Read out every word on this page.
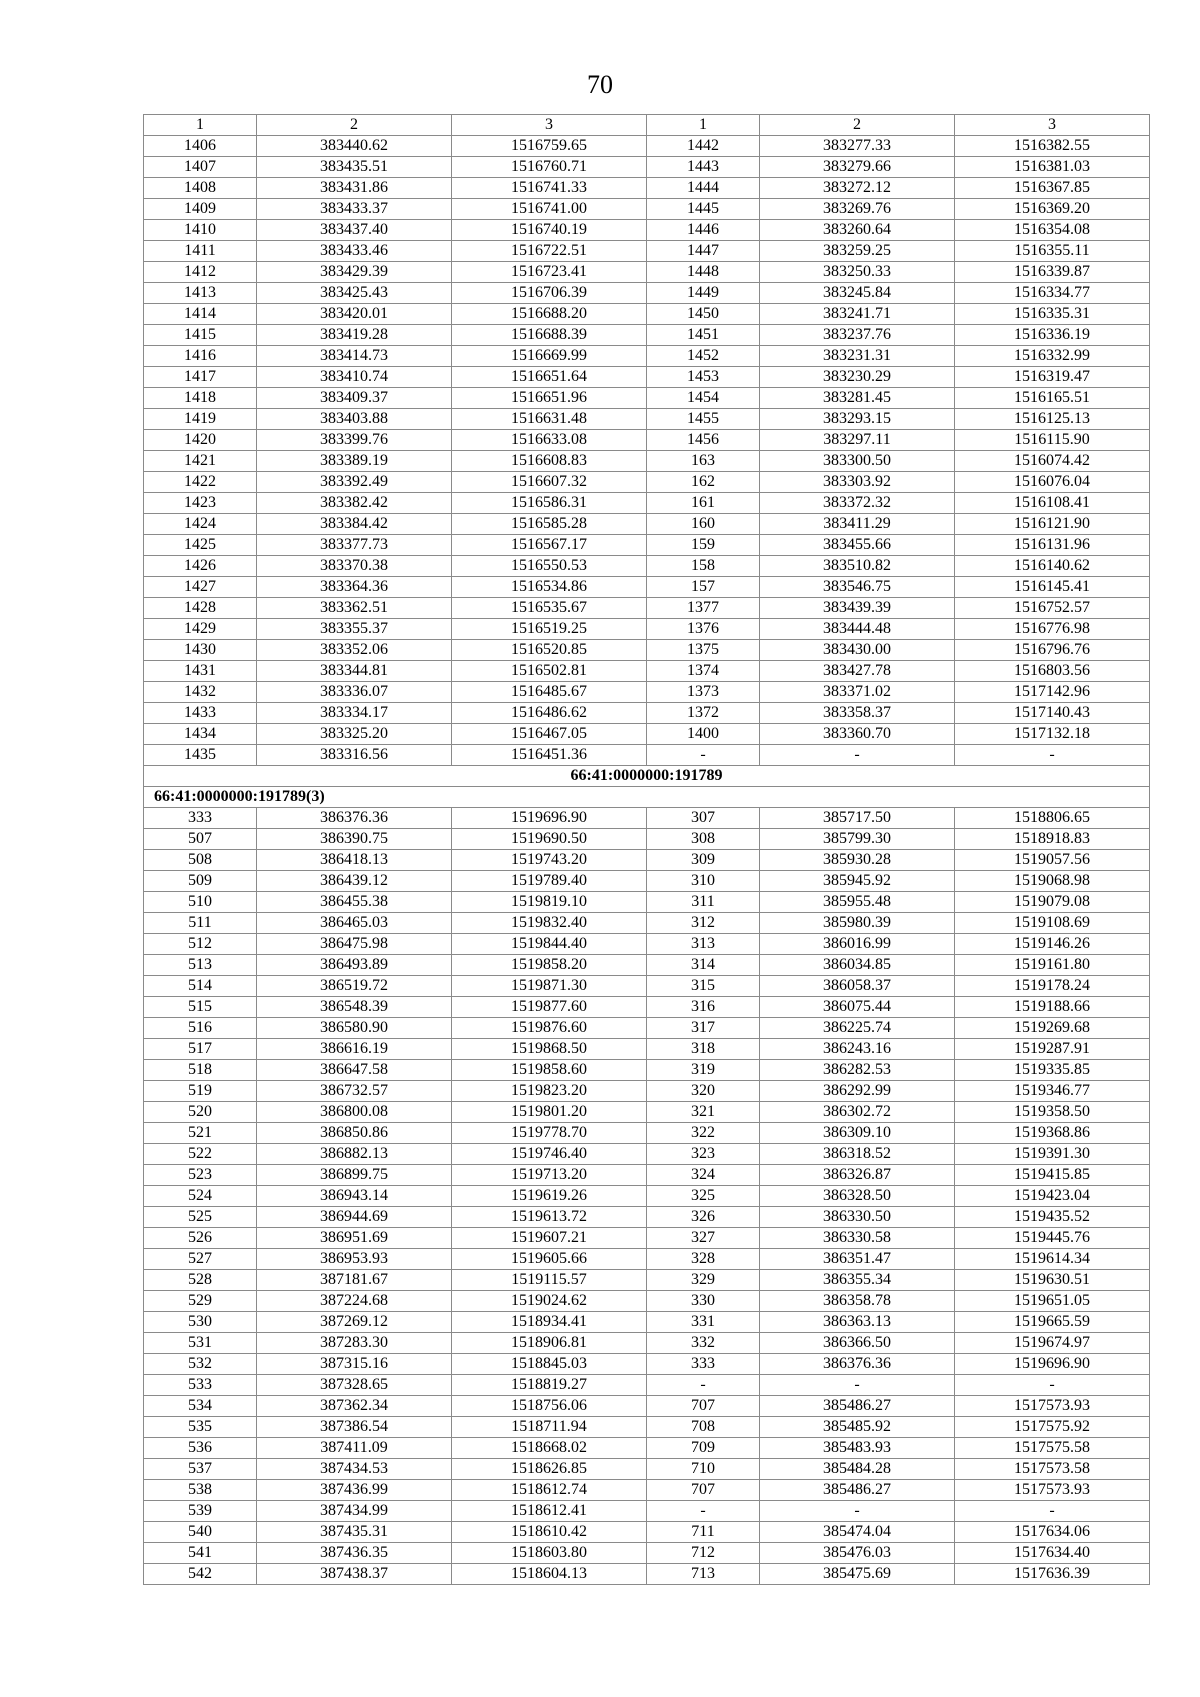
70
1	2	3	1	2	3
1406	383440.62	1516759.65	1442	383277.33	1516382.55
1407	383435.51	1516760.71	1443	383279.66	1516381.03
1408	383431.86	1516741.33	1444	383272.12	1516367.85
1409	383433.37	1516741.00	1445	383269.76	1516369.20
1410	383437.40	1516740.19	1446	383260.64	1516354.08
1411	383433.46	1516722.51	1447	383259.25	1516355.11
1412	383429.39	1516723.41	1448	383250.33	1516339.87
1413	383425.43	1516706.39	1449	383245.84	1516334.77
1414	383420.01	1516688.20	1450	383241.71	1516335.31
1415	383419.28	1516688.39	1451	383237.76	1516336.19
1416	383414.73	1516669.99	1452	383231.31	1516332.99
1417	383410.74	1516651.64	1453	383230.29	1516319.47
1418	383409.37	1516651.96	1454	383281.45	1516165.51
1419	383403.88	1516631.48	1455	383293.15	1516125.13
1420	383399.76	1516633.08	1456	383297.11	1516115.90
1421	383389.19	1516608.83	163	383300.50	1516074.42
1422	383392.49	1516607.32	162	383303.92	1516076.04
1423	383382.42	1516586.31	161	383372.32	1516108.41
1424	383384.42	1516585.28	160	383411.29	1516121.90
1425	383377.73	1516567.17	159	383455.66	1516131.96
1426	383370.38	1516550.53	158	383510.82	1516140.62
1427	383364.36	1516534.86	157	383546.75	1516145.41
1428	383362.51	1516535.67	1377	383439.39	1516752.57
1429	383355.37	1516519.25	1376	383444.48	1516776.98
1430	383352.06	1516520.85	1375	383430.00	1516796.76
1431	383344.81	1516502.81	1374	383427.78	1516803.56
1432	383336.07	1516485.67	1373	383371.02	1517142.96
1433	383334.17	1516486.62	1372	383358.37	1517140.43
1434	383325.20	1516467.05	1400	383360.70	1517132.18
1435	383316.56	1516451.36	-	-	-
66:41:0000000:191789					
66:41:0000000:191789(3)					
333	386376.36	1519696.90	307	385717.50	1518806.65
507	386390.75	1519690.50	308	385799.30	1518918.83
508	386418.13	1519743.20	309	385930.28	1519057.56
509	386439.12	1519789.40	310	385945.92	1519068.98
510	386455.38	1519819.10	311	385955.48	1519079.08
511	386465.03	1519832.40	312	385980.39	1519108.69
512	386475.98	1519844.40	313	386016.99	1519146.26
513	386493.89	1519858.20	314	386034.85	1519161.80
514	386519.72	1519871.30	315	386058.37	1519178.24
515	386548.39	1519877.60	316	386075.44	1519188.66
516	386580.90	1519876.60	317	386225.74	1519269.68
517	386616.19	1519868.50	318	386243.16	1519287.91
518	386647.58	1519858.60	319	386282.53	1519335.85
519	386732.57	1519823.20	320	386292.99	1519346.77
520	386800.08	1519801.20	321	386302.72	1519358.50
521	386850.86	1519778.70	322	386309.10	1519368.86
522	386882.13	1519746.40	323	386318.52	1519391.30
523	386899.75	1519713.20	324	386326.87	1519415.85
524	386943.14	1519619.26	325	386328.50	1519423.04
525	386944.69	1519613.72	326	386330.50	1519435.52
526	386951.69	1519607.21	327	386330.58	1519445.76
527	386953.93	1519605.66	328	386351.47	1519614.34
528	387181.67	1519115.57	329	386355.34	1519630.51
529	387224.68	1519024.62	330	386358.78	1519651.05
530	387269.12	1518934.41	331	386363.13	1519665.59
531	387283.30	1518906.81	332	386366.50	1519674.97
532	387315.16	1518845.03	333	386376.36	1519696.90
533	387328.65	1518819.27	-	-	-
534	387362.34	1518756.06	707	385486.27	1517573.93
535	387386.54	1518711.94	708	385485.92	1517575.92
536	387411.09	1518668.02	709	385483.93	1517575.58
537	387434.53	1518626.85	710	385484.28	1517573.58
538	387436.99	1518612.74	707	385486.27	1517573.93
539	387434.99	1518612.41	-	-	-
540	387435.31	1518610.42	711	385474.04	1517634.06
541	387436.35	1518603.80	712	385476.03	1517634.40
542	387438.37	1518604.13	713	385475.69	1517636.39
